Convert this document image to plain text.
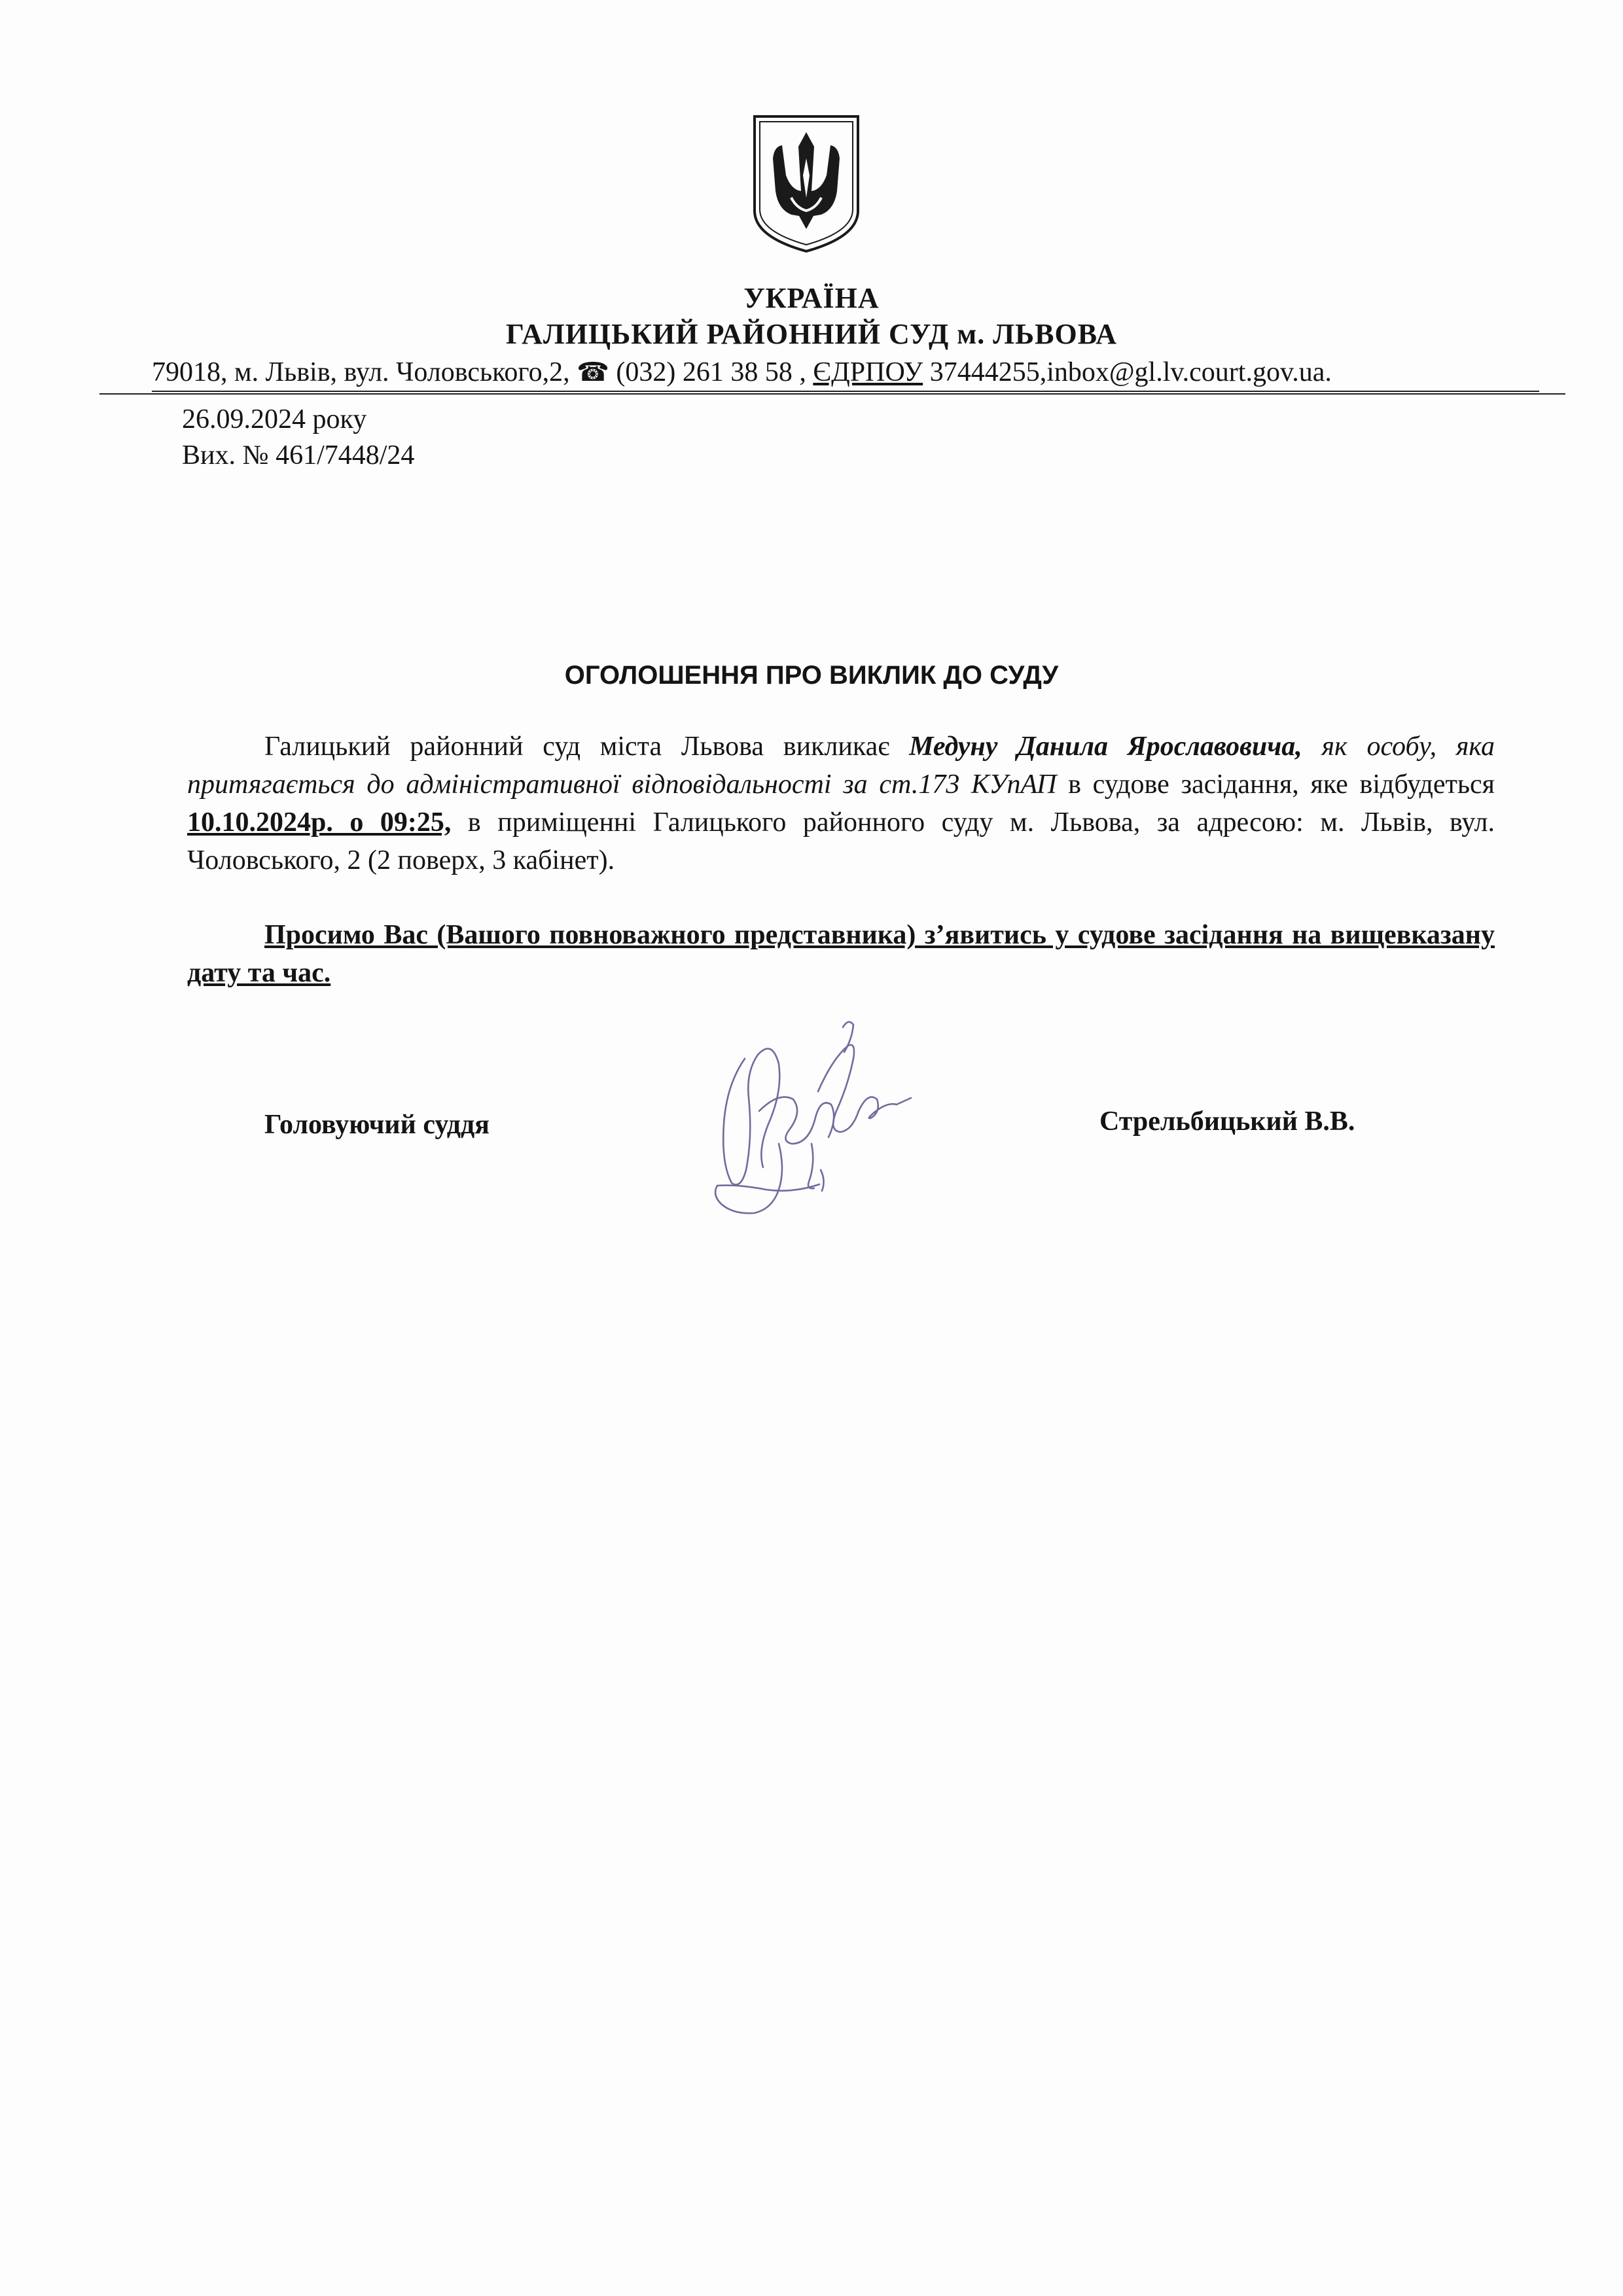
УКРАЇНА
ГАЛИЦЬКИЙ РАЙОННИЙ СУД м. ЛЬВОВА
79018, м. Львів, вул. Чоловського,2, ☎ (032) 261 38 58 , ЄДРПОУ 37444255,inbox@gl.lv.court.gov.ua.
26.09.2024 року
Вих. № 461/7448/24
ОГОЛОШЕННЯ ПРО ВИКЛИК ДО СУДУ

Галицький районний суд міста Львова викликає Медуну Данила Ярославовича, як особу, яка притягається до адміністративної відповідальності за ст.173 КУпАП в судове засідання, яке відбудеться 10.10.2024р. о 09:25, в приміщенні Галицького районного суду м. Львова, за адресою: м. Львів, вул. Чоловського, 2 (2 поверх, 3 кабінет).

Просимо Вас (Вашого повноважного представника) з’явитись у судове засідання на вищевказану дату та час.

Головуючий суддя	Стрельбицький В.В.
